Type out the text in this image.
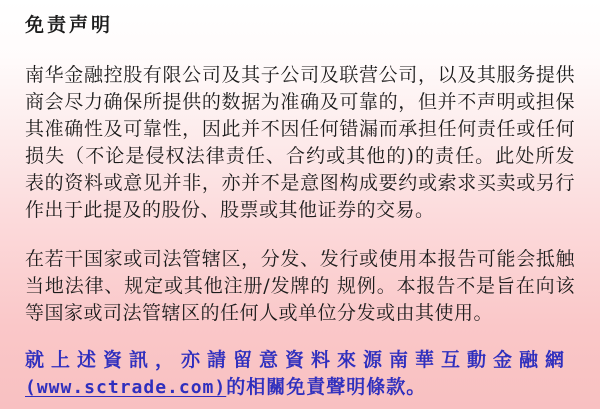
免责声明

南华金融控股有限公司及其子公司及联营公司，以及其服务提供商会尽力确保所提供的数据为准确及可靠的，但并不声明或担保其准确性及可靠性，因此并不因任何错漏而承担任何责任或任何损失（不论是侵权法律责任、合约或其他的)的责任。此处所发表的资料或意见并非，亦并不是意图构成要约或索求买卖或另行作出于此提及的股份、股票或其他证券的交易。

在若干国家或司法管辖区，分发、发行或使用本报告可能会抵触当地法律、规定或其他注册/发牌的 规例。本报告不是旨在向该等国家或司法管辖区的任何人或单位分发或由其使用。

就上述資訊，亦請留意資料來源南華互動金融網
(www.sctrade.com)的相關免責聲明條款。
